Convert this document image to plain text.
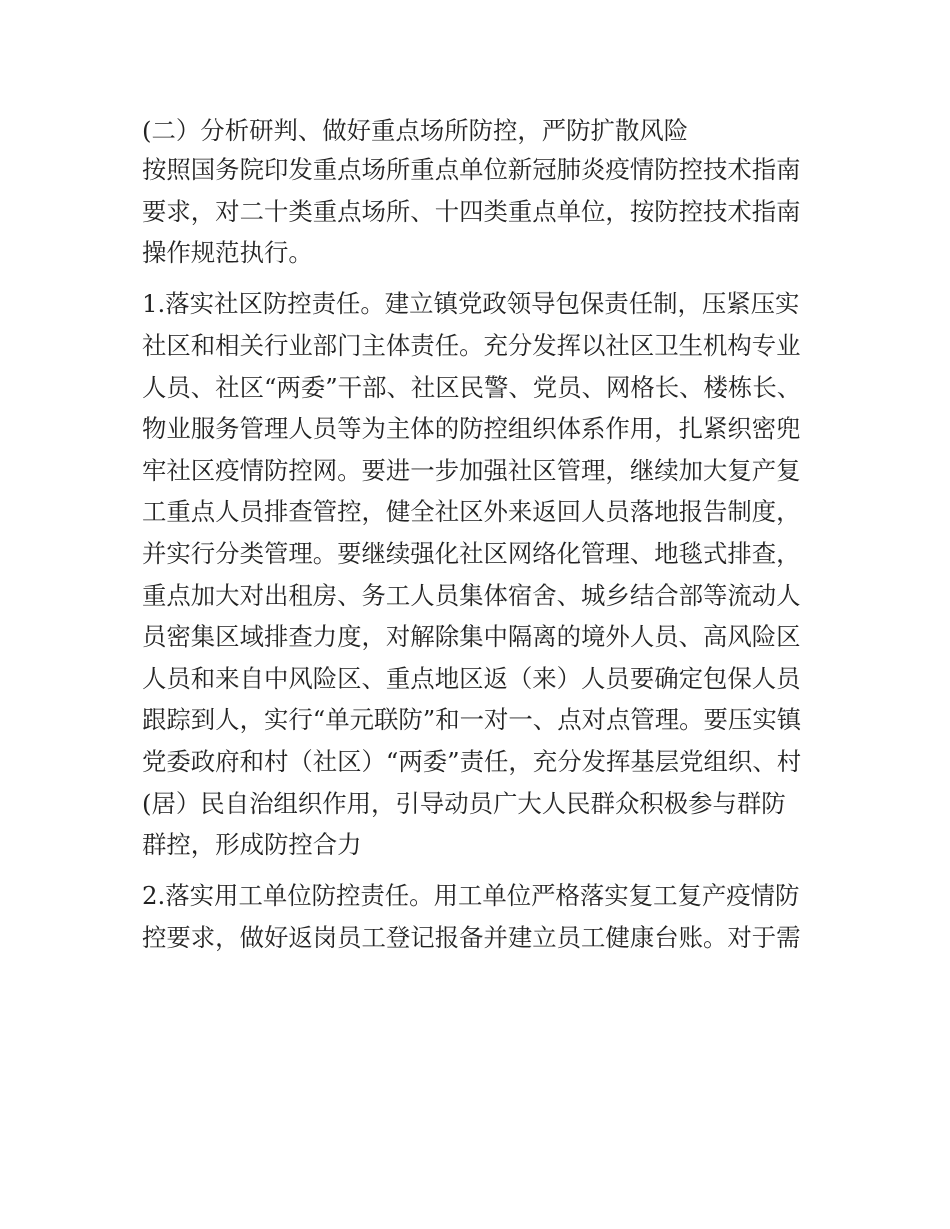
(二）分析研判、做好重点场所防控，严防扩散风险
按照国务院印发重点场所重点单位新冠肺炎疫情防控技术指南
要求，对二十类重点场所、十四类重点单位，按防控技术指南
操作规范执行。
1.落实社区防控责任。建立镇党政领导包保责任制，压紧压实
社区和相关行业部门主体责任。充分发挥以社区卫生机构专业
人员、社区“两委”干部、社区民警、党员、网格长、楼栋长、
物业服务管理人员等为主体的防控组织体系作用，扎紧织密兜
牢社区疫情防控网。要进一步加强社区管理，继续加大复产复
工重点人员排查管控，健全社区外来返回人员落地报告制度，
并实行分类管理。要继续强化社区网络化管理、地毯式排查，
重点加大对出租房、务工人员集体宿舍、城乡结合部等流动人
员密集区域排查力度，对解除集中隔离的境外人员、高风险区
人员和来自中风险区、重点地区返（来）人员要确定包保人员
跟踪到人，实行“单元联防”和一对一、点对点管理。要压实镇
党委政府和村（社区）“两委”责任，充分发挥基层党组织、村
(居）民自治组织作用，引导动员广大人民群众积极参与群防
群控，形成防控合力
2.落实用工单位防控责任。用工单位严格落实复工复产疫情防
控要求，做好返岗员工登记报备并建立员工健康台账。对于需
